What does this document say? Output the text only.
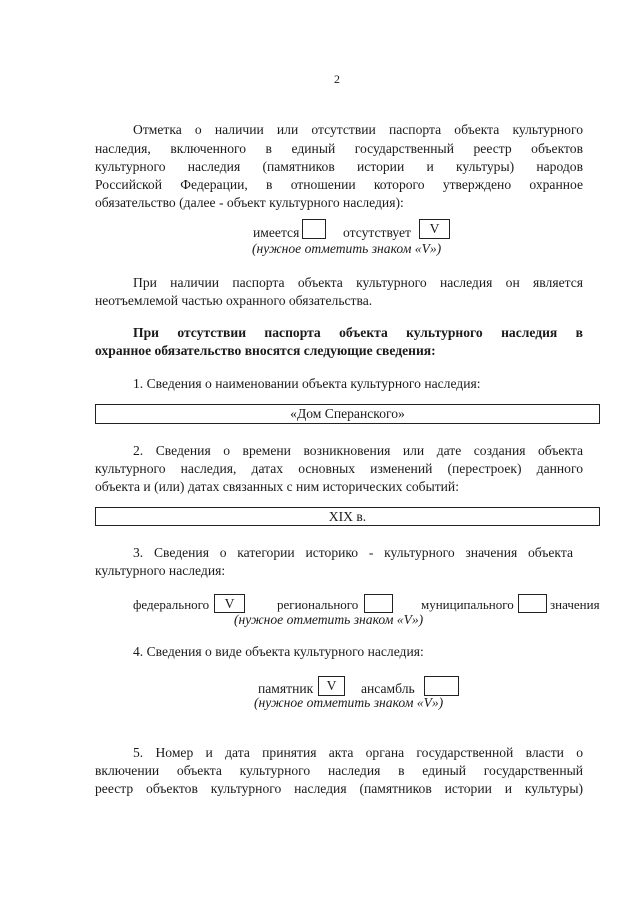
2
Отметка о наличии или отсутствии паспорта объекта культурного
наследия, включенного в единый государственный реестр объектов
культурного наследия (памятников истории и культуры) народов
Российской Федерации, в отношении которого утверждено охранное
обязательство (далее - объект культурного наследия):
имеется	отсутствует	V
(нужное отметить знаком «V»)
При наличии паспорта объекта культурного наследия он является
неотъемлемой частью охранного обязательства.
При отсутствии паспорта объекта культурного наследия в
охранное обязательство вносятся следующие сведения:
1. Сведения о наименовании объекта культурного наследия:
«Дом Сперанского»
2. Сведения о времени возникновения или дате создания объекта
культурного наследия, датах основных изменений (перестроек) данного
объекта и (или) датах связанных с ним исторических событий:
XIX в.
3. Сведения о категории историко - культурного значения объекта
культурного наследия:
федерального	V	регионального	муниципального	значения
(нужное отметить знаком «V»)
4. Сведения о виде объекта культурного наследия:
памятник V	ансамбль
(нужное отметить знаком «V»)
5. Номер и дата принятия акта органа государственной власти о
включении объекта культурного наследия в единый государственный
реестр объектов культурного наследия (памятников истории и культуры)
